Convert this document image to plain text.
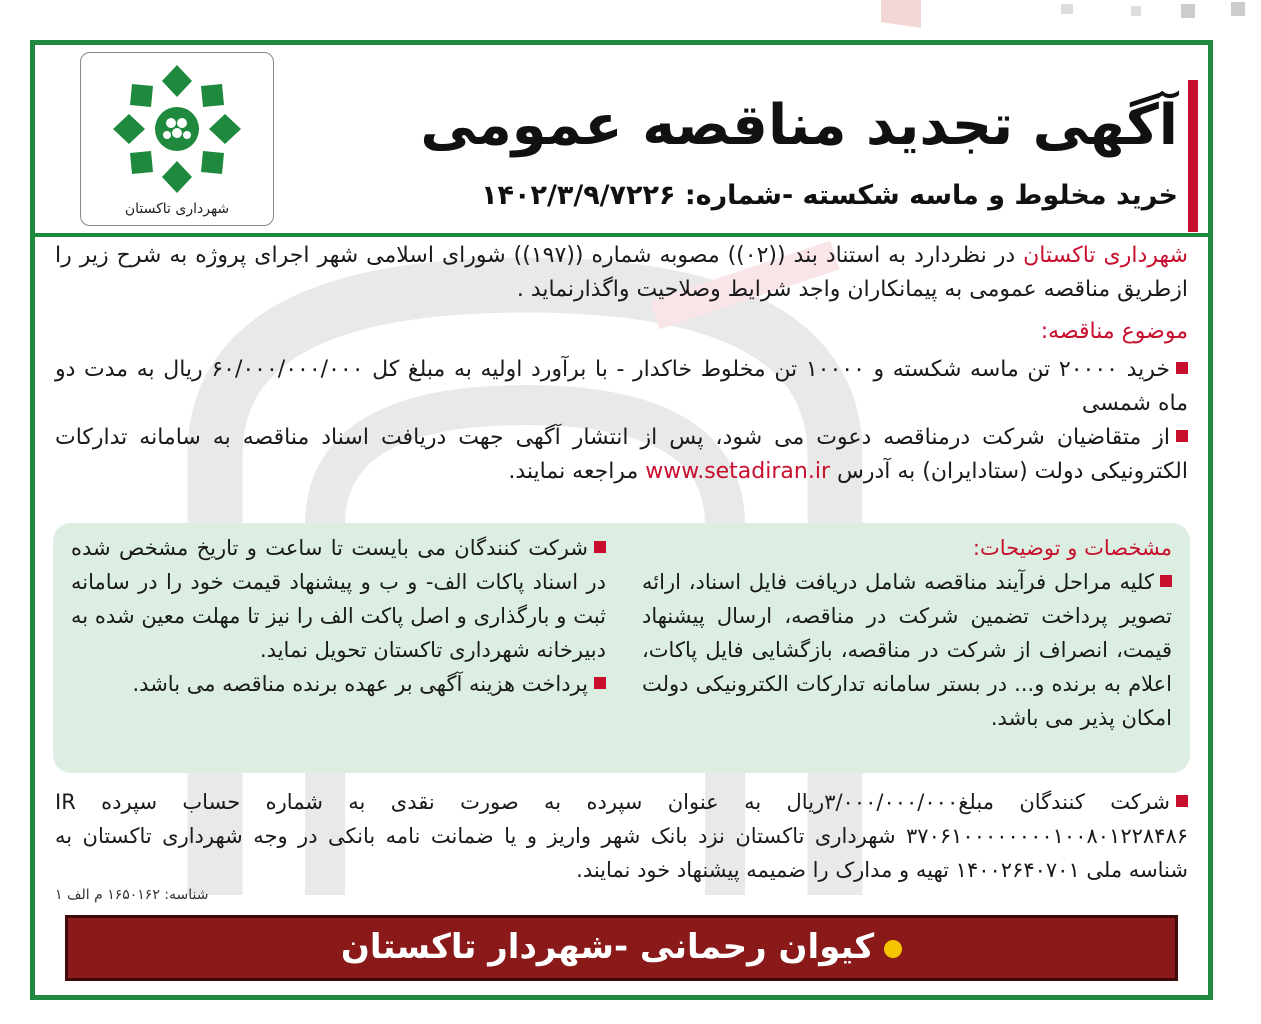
شهرداری تاکستان
آگهی تجدید مناقصه عمومی
خرید مخلوط و ماسه شکسته -شماره: ۱۴۰۲/۳/۹/۷۲۲۶

شهرداری تاکستان در نظردارد به استناد بند ((۰۲)) مصوبه شماره ((۱۹۷)) شورای اسلامی شهر اجرای پروژه به شرح زیر را ازطریق مناقصه عمومی به پیمانکاران واجد شرایط وصلاحیت واگذارنماید .

موضوع مناقصه:

خرید ۲۰۰۰۰ تن ماسه شکسته و ۱۰۰۰۰ تن مخلوط خاکدار - با برآورد اولیه به مبلغ کل ۶۰/۰۰۰/۰۰۰/۰۰۰ ریال به مدت دو ماه شمسی
از متقاضیان شرکت درمناقصه دعوت می شود، پس از انتشار آگهی جهت دریافت اسناد مناقصه به سامانه تدارکات الکترونیکی دولت (ستادایران) به آدرس www.setadiran.ir مراجعه نمایند.
مشخصات و توضیحات:
کلیه مراحل فرآیند مناقصه شامل دریافت فایل اسناد، ارائه تصویر پرداخت تضمین شرکت در مناقصه، ارسال پیشنهاد قیمت، انصراف از شرکت در مناقصه، بازگشایی فایل پاکات، اعلام به برنده و... در بستر سامانه تدارکات الکترونیکی دولت امکان پذیر می باشد.
شرکت کنندگان می بایست تا ساعت و تاریخ مشخص شده در اسناد پاکات الف- و ب و پیشنهاد قیمت خود را در سامانه ثبت و بارگذاری و اصل پاکت الف را نیز تا مهلت معین شده به دبیرخانه شهرداری تاکستان تحویل نماید.
پرداخت هزینه آگهی بر عهده برنده مناقصه می باشد.
شرکت کنندگان مبلغ۳/۰۰۰/۰۰۰/۰۰۰ریال به عنوان سپرده به صورت نقدی به شماره حساب سپرده IR ۳۷۰۶۱۰۰۰۰۰۰۰۰۱۰۰۸۰۱۲۲۸۴۸۶ شهرداری تاکستان نزد بانک شهر واریز و یا ضمانت نامه بانکی در وجه شهرداری تاکستان به شناسه ملی ۱۴۰۰۲۶۴۰۷۰۱ تهیه و مدارک را ضمیمه پیشنهاد خود نمایند.
شناسه: ۱۶۵۰۱۶۲ م الف ۱
کیوان رحمانی -شهردار تاکستان
